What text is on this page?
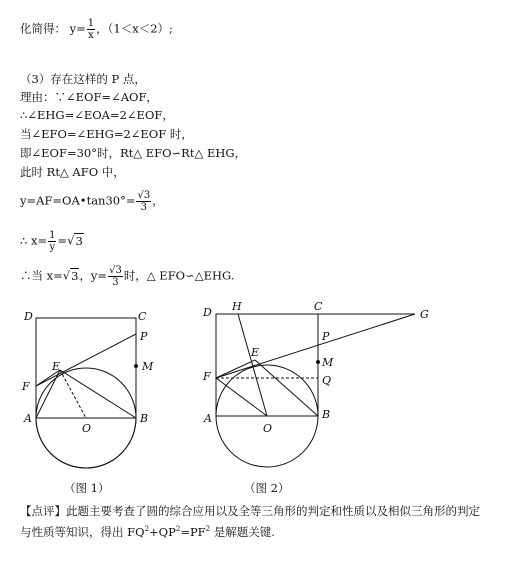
化简得： $y= \frac{1}{x}$ ，（1＜x＜2）;
（3）存在这样的 P 点，
理由：∵∠EOF=∠AOF，
∴∠EHG=∠EOA=2∠EOF，
当∠EFO=∠EHG=2∠EOF 时，
即∠EOF=30°时，Rt△ EFO∽Rt△ EHG，
此时 Rt△ AFO 中，
y=AF=OA•tan30°= $\frac{√3}{3}$ ，
∴ $x= \frac{1}{y} =√3$
∴当 x=√3，$y= \frac{√3}{3}$ 时，△ EFO∽△EHG.
D	C
P
M
E
F
A
O
B
D H	C
G
P
E
M
F	Q
A
O
B
（图 1）	（图 2）
【点评】此题主要考查了圆的综合应用以及全等三角形的判定和性质以及相似三角形的判定与性质等知识，得出 $FQ^2+QP^2=PF^2$ 是解题关键.
